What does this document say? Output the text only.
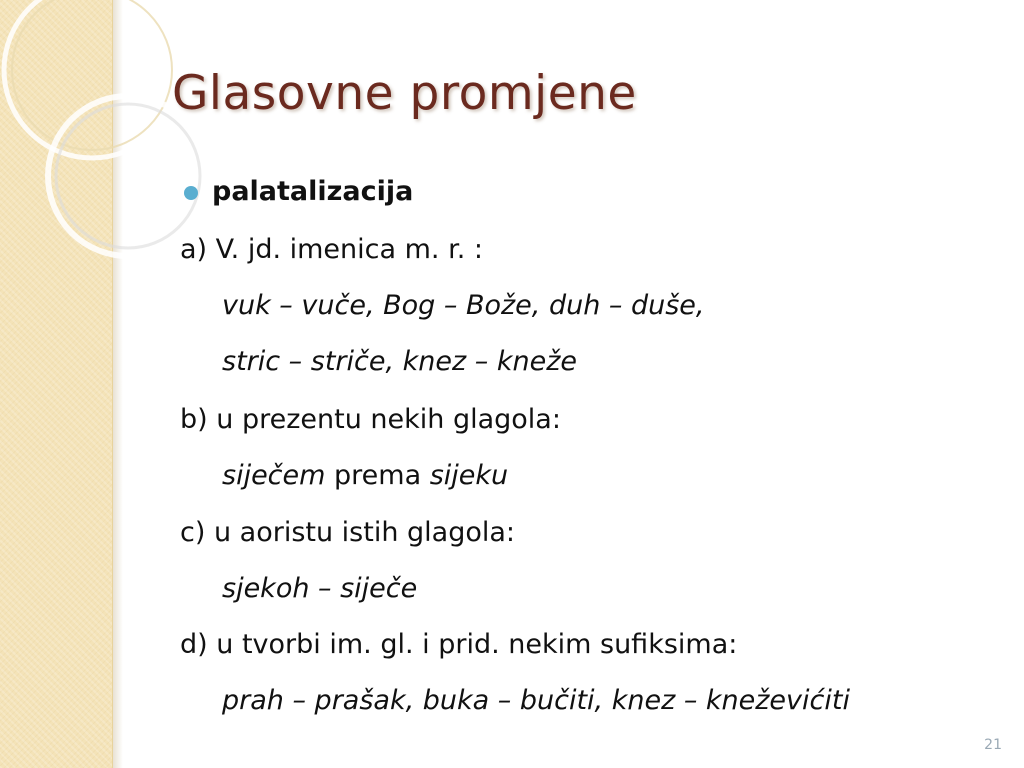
Glasovne promjene
palatalizacija
a) V. jd. imenica m. r. :
vuk – vuče, Bog – Bože, duh – duše,
stric – striče, knez – kneže
b) u prezentu nekih glagola:
siječem prema sijeku
c) u aoristu istih glagola:
sjekoh – siječe
d) u tvorbi im. gl. i prid. nekim sufiksima:
prah – prašak, buka – bučiti, knez – kneževićiti
21
